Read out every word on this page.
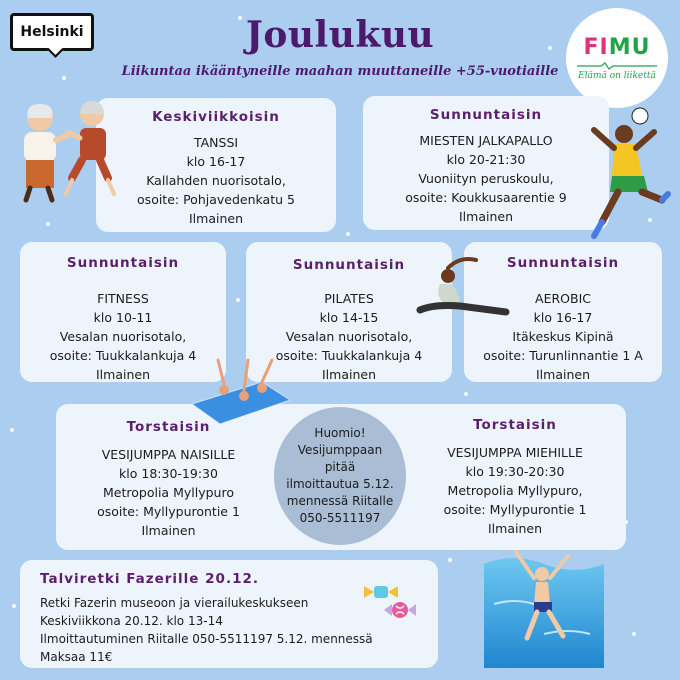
Helsinki	Joulukuu
Liikuntaa ikääntyneille maahan muuttaneille +55-vuotiaille
FIMU
Elämä on liikettä
Keskiviikkoisin

TANSSI

klo 16-17

Kallahden nuorisotalo,

osoite: Pohjavedenkatu 5

Ilmainen

Sunnuntaisin

MIESTEN JALKAPALLO

klo 20-21:30

Vuoniityn peruskoulu,

osoite: Koukkusaarentie 9

Ilmainen

Sunnuntaisin

FITNESS

klo 10-11

Vesalan nuorisotalo,

osoite: Tuukkalankuja 4

Ilmainen

Sunnuntaisin

PILATES

klo 14-15

Vesalan nuorisotalo,

osoite: Tuukkalankuja 4

Ilmainen

Sunnuntaisin

AEROBIC

klo 16-17

Itäkeskus Kipinä

osoite: Turunlinnantie 1 A

Ilmainen

Torstaisin

VESIJUMPPA NAISILLE

klo 18:30-19:30

Metropolia Myllypuro

osoite: Myllypurontie 1

Ilmainen

Torstaisin

VESIJUMPPA MIEHILLE

klo 19:30-20:30

Metropolia Myllypuro,

osoite: Myllypurontie 1

Ilmainen

Huomio!
Vesijumppaan
pitää
ilmoittautua 5.12.
mennessä Riitalle
050-5511197
Talviretki Fazerille 20.12.

Retki Fazerin museoon ja vierailukeskukseen

Keskiviikkona 20.12. klo 13-14

Ilmoittautuminen Riitalle 050-5511197 5.12. mennessä

Maksaa 11€
